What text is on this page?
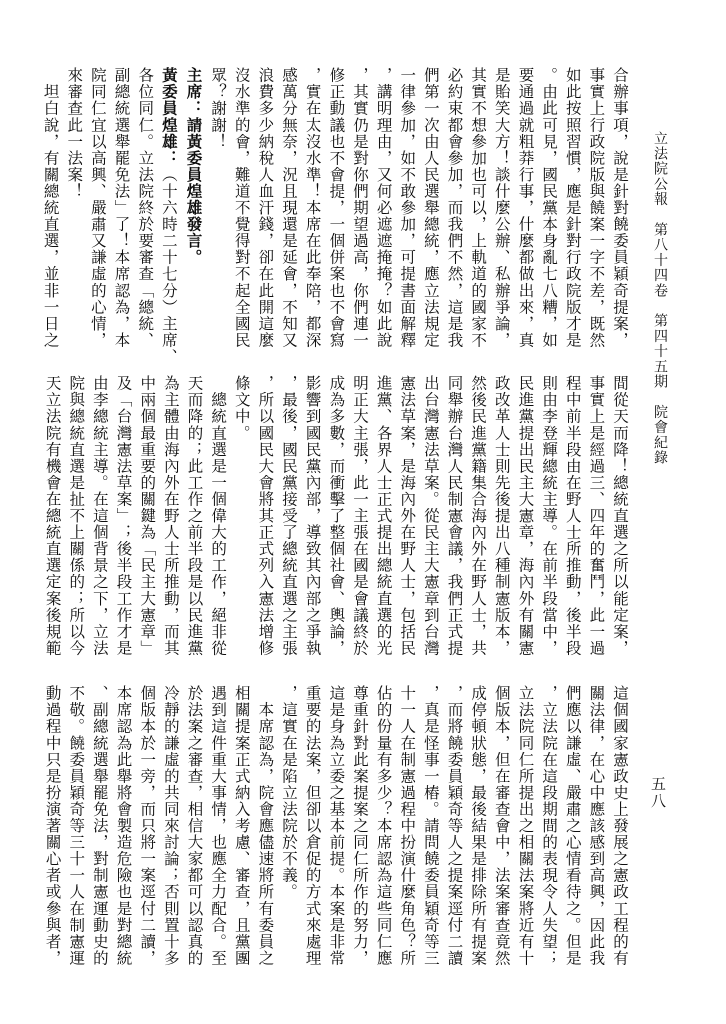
立法院公報　第八十四卷　第四十五期　院會紀錄
五八
合辦事項，說是針對饒委員穎奇提案，
事實上行政院版與饒案一字不差，既然
如此按照習慣，應是針對行政院版才是
。由此可見，國民黨本身亂七八糟，如
要通過就粗莽行事，什麼都做出來，真
是貽笑大方！談什麼公辦、私辦爭論，
其實不想參加也可以，上軌道的國家不
必約束都會參加，而我們不然，這是我
們第一次由人民選舉總統，應立法規定
一律參加，如不敢參加，可提書面解釋
，講明理由，又何必遮遮掩掩？如此說
，其實仍是對你們期望過高，你們連一
修正動議也不會提，一個併案也不會寫
，實在太沒水準！本席在此奉陪，都深
感萬分無奈，況且現還是延會，不知又
浪費多少納稅人血汗錢，卻在此開這麼
沒水準的會，難道不覺得對不起全國民
眾？謝謝！
主席：請黃委員煌雄發言。
黃委員煌雄：（十六時二十七分）主席、
各位同仁。立法院終於要審查「總統、
副總統選舉罷免法」了！本席認為，本
院同仁宜以高興、嚴肅又謙虛的心情，
來審查此一法案！
　坦白說，有關總統直選，並非一日之
間從天而降！總統直選之所以能定案，
事實上是經過三、四年的奮鬥，此一過
程中前半段由在野人士所推動，後半段
則由李登輝總統主導。在前半段當中，
民進黨提出民主大憲章，海內外有關憲
政改革人士則先後提出八種制憲版本，
然後民進黨籍集合海內外在野人士，共
同舉辦台灣人民制憲會議，我們正式提
出台灣憲法草案。從民主大憲章到台灣
憲法草案，是海內外在野人士，包括民
進黨、各界人士正式提出總統直選的光
明正大主張，此一主張在國是會議終於
成為多數，而衝擊了整個社會、輿論，
影響到國民黨內部，導致其內部之爭執
，最後，國民黨接受了總統直選之主張
，所以國民大會將其正式列入憲法增修
條文中。
　總統直選是一個偉大的工作，絕非從
天而降的；此工作之前半段是以民進黨
為主體由海內外在野人士所推動，而其
中兩個最重要的關鍵為「民主大憲章」
及「台灣憲法草案」；後半段工作才是
由李總統主導。在這個背景之下，立法
院與總統直選是扯不上關係的；所以今
天立法院有機會在總統直選定案後規範
這個國家憲政史上發展之憲政工程的有
關法律，在心中應該感到高興，因此我
們應以謙虛、嚴肅之心情看待之。但是
，立法院在這段期間的表現令人失望；
立法院同仁所提出之相關法案將近有十
個版本，但在審查會中，法案審查竟然
成停頓狀態，最後結果是排除所有提案
，而將饒委員穎奇等人之提案逕付二讀
，真是怪事一樁。請問饒委員穎奇等三
十一人在制憲過程中扮演什麼角色？所
佔的份量有多少？本席認為這些同仁應
尊重針對此案提案之同仁所作的努力，
這是身為立委之基本前提。本案是非常
重要的法案，但卻以倉促的方式來處理
，這實在是陷立法院於不義。
　本席認為，院會應儘速將所有委員之
相關提案正式納入考慮、審查，且黨團
遇到這件重大事情，也應全力配合。至
於法案之審查，相信大家都可以認真的
冷靜的謙虛的共同來討論；否則置十多
個版本於一旁，而只將一案逕付二讀，
本席認為此舉將會製造危險也是對總統
、副總統選舉罷免法，對制憲運動史的
不敬。饒委員穎奇等三十一人在制憲運
動過程中只是扮演著關心者或參與者，
